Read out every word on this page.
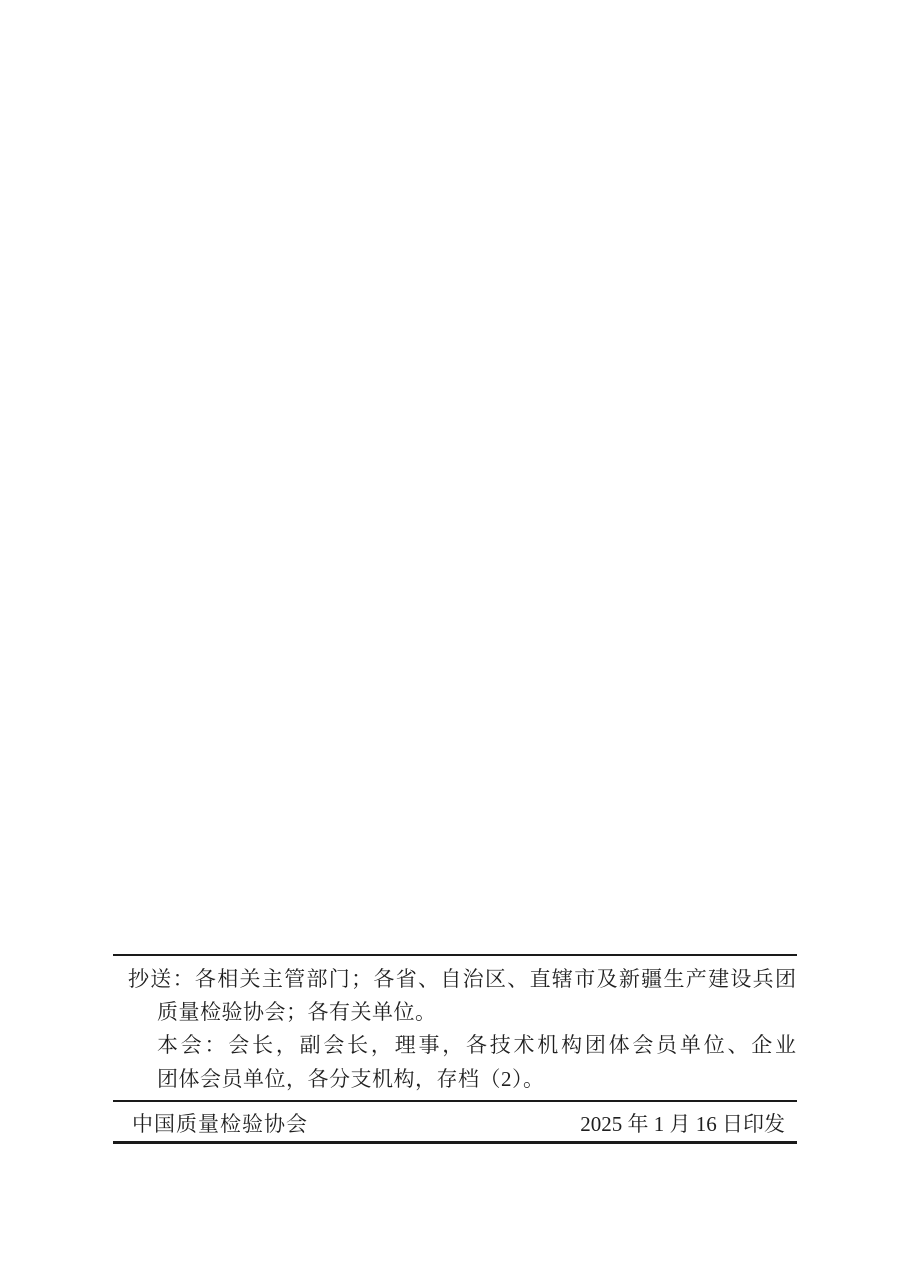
抄送：各相关主管部门；各省、自治区、直辖市及新疆生产建设兵团
质量检验协会；各有关单位。
本会：会长，副会长，理事，各技术机构团体会员单位、企业
团体会员单位，各分支机构，存档（2）。
中国质量检验协会	2025 年 1 月 16 日印发
